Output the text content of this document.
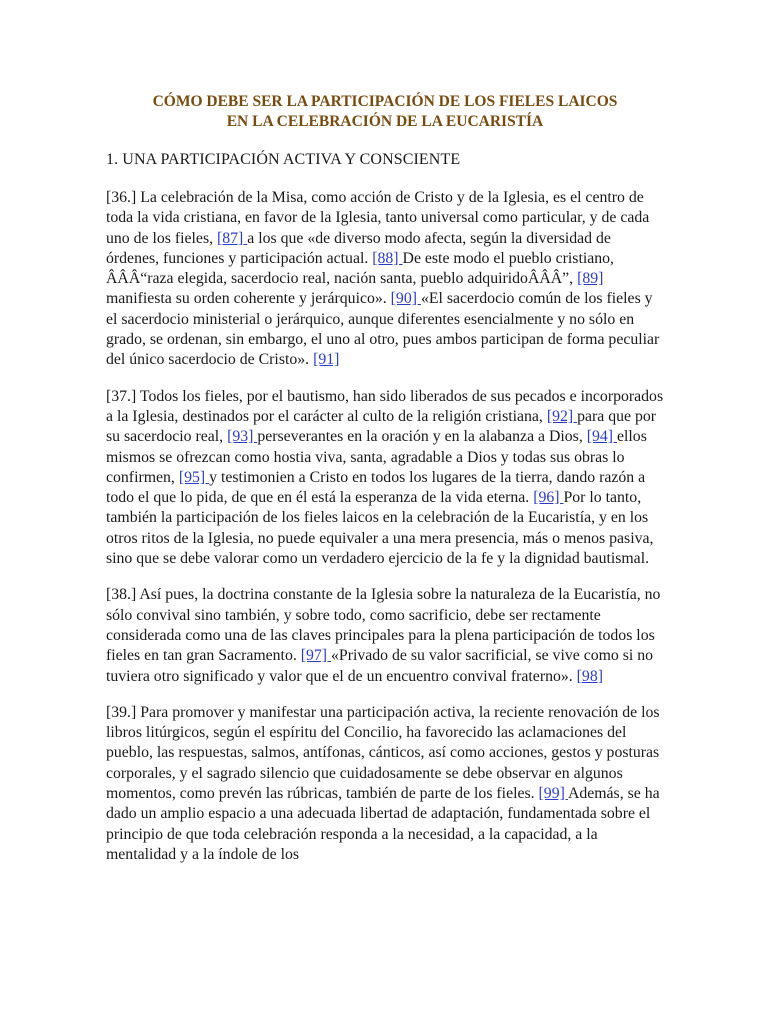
CÓMO DEBE SER LA PARTICIPACIÓN DE LOS FIELES LAICOS
EN LA CELEBRACIÓN DE LA EUCARISTÍA
1. UNA PARTICIPACIÓN ACTIVA Y CONSCIENTE

[36.] La celebración de la Misa, como acción de Cristo y de la Iglesia, es el centro de toda la vida cristiana, en favor de la Iglesia, tanto universal como particular, y de cada uno de los fieles, [87] a los que «de diverso modo afecta, según la diversidad de órdenes, funciones y participación actual. [88] De este modo el pueblo cristiano, ÂÂÂ“raza elegida, sacerdocio real, nación santa, pueblo adquiridoÂÂÂ”, [89] manifiesta su orden coherente y jerárquico». [90] «El sacerdocio común de los fieles y el sacerdocio ministerial o jerárquico, aunque diferentes esencialmente y no sólo en grado, se ordenan, sin embargo, el uno al otro, pues ambos participan de forma peculiar del único sacerdocio de Cristo». [91]

[37.] Todos los fieles, por el bautismo, han sido liberados de sus pecados e incorporados a la Iglesia, destinados por el carácter al culto de la religión cristiana, [92] para que por su sacerdocio real, [93] perseverantes en la oración y en la alabanza a Dios, [94] ellos mismos se ofrezcan como hostia viva, santa, agradable a Dios y todas sus obras lo confirmen, [95] y testimonien a Cristo en todos los lugares de la tierra, dando razón a todo el que lo pida, de que en él está la esperanza de la vida eterna. [96] Por lo tanto, también la participación de los fieles laicos en la celebración de la Eucaristía, y en los otros ritos de la Iglesia, no puede equivaler a una mera presencia, más o menos pasiva, sino que se debe valorar como un verdadero ejercicio de la fe y la dignidad bautismal.

[38.] Así pues, la doctrina constante de la Iglesia sobre la naturaleza de la Eucaristía, no sólo convival sino también, y sobre todo, como sacrificio, debe ser rectamente considerada como una de las claves principales para la plena participación de todos los fieles en tan gran Sacramento. [97] «Privado de su valor sacrificial, se vive como si no tuviera otro significado y valor que el de un encuentro convival fraterno». [98]

[39.] Para promover y manifestar una participación activa, la reciente renovación de los libros litúrgicos, según el espíritu del Concilio, ha favorecido las aclamaciones del pueblo, las respuestas, salmos, antífonas, cánticos, así como acciones, gestos y posturas corporales, y el sagrado silencio que cuidadosamente se debe observar en algunos momentos, como prevén las rúbricas, también de parte de los fieles. [99] Además, se ha dado un amplio espacio a una adecuada libertad de adaptación, fundamentada sobre el principio de que toda celebración responda a la necesidad, a la capacidad, a la mentalidad y a la índole de los
